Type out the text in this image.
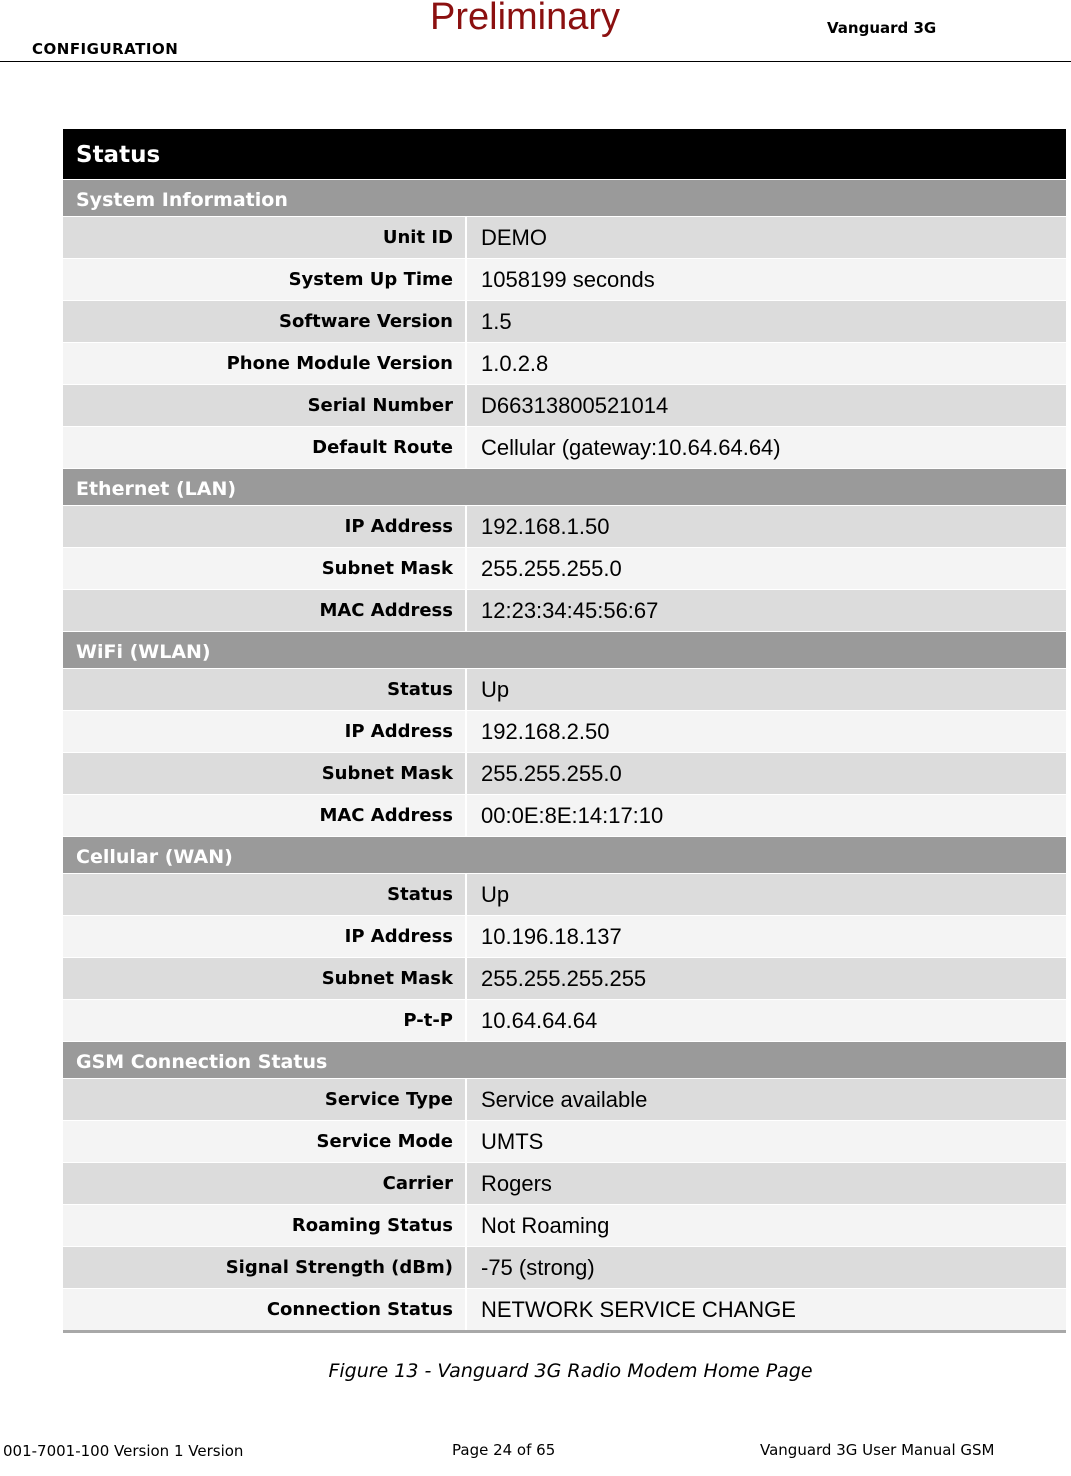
CONFIGURATION
Preliminary	Vanguard 3G
Status
System Information
Unit ID	DEMO
System Up Time	1058199 seconds
Software Version	1.5
Phone Module Version	1.0.2.8
Serial Number	D66313800521014
Default Route	Cellular (gateway:10.64.64.64)
Ethernet (LAN)
IP Address	192.168.1.50
Subnet Mask	255.255.255.0
MAC Address	12:23:34:45:56:67
WiFi (WLAN)
Status	Up
IP Address	192.168.2.50
Subnet Mask	255.255.255.0
MAC Address	00:0E:8E:14:17:10
Cellular (WAN)
Status	Up
IP Address	10.196.18.137
Subnet Mask	255.255.255.255
P-t-P	10.64.64.64
GSM Connection Status
Service Type	Service available
Service Mode	UMTS
Carrier	Rogers
Roaming Status	Not Roaming
Signal Strength (dBm)	-75 (strong)
Connection Status	NETWORK SERVICE CHANGE
Figure 13 - Vanguard 3G Radio Modem Home Page
001-7001-100 Version 1 Version	Page 24 of 65	Vanguard 3G User Manual GSM
